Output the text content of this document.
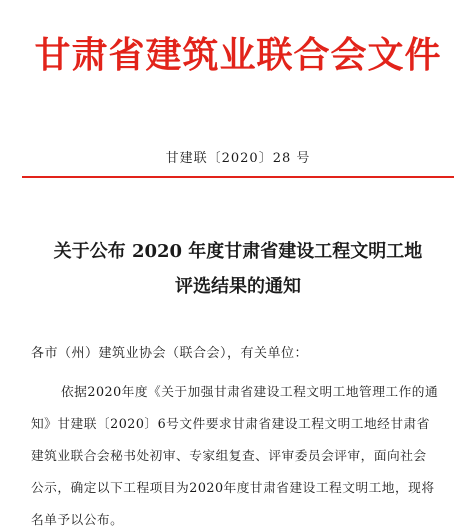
甘肃省建筑业联合会文件
甘建联〔2020〕28 号
关于公布 2020 年度甘肃省建设工程文明工地
评选结果的通知
各市（州）建筑业协会（联合会），有关单位：
依据2020年度《关于加强甘肃省建设工程文明工地管理工作的通
知》甘建联〔2020〕6号文件要求甘肃省建设工程文明工地经甘肃省
建筑业联合会秘书处初审、专家组复查、评审委员会评审，面向社会
公示，确定以下工程项目为2020年度甘肃省建设工程文明工地，现将
名单予以公布。
